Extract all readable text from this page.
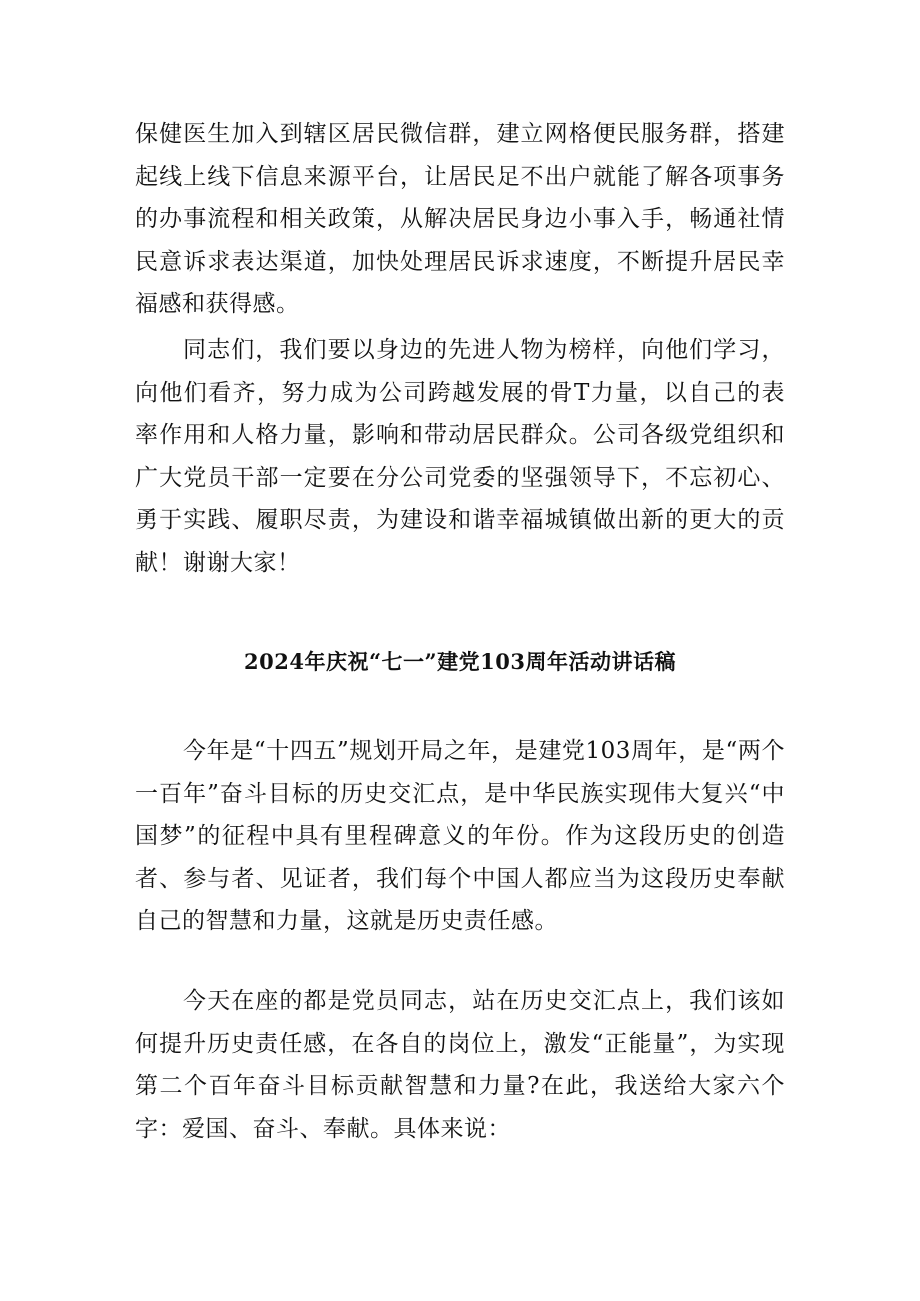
保健医生加入到辖区居民微信群，建立网格便民服务群，搭建起线上线下信息来源平台，让居民足不出户就能了解各项事务的办事流程和相关政策，从解决居民身边小事入手，畅通社情民意诉求表达渠道，加快处理居民诉求速度，不断提升居民幸福感和获得感。

同志们，我们要以身边的先进人物为榜样，向他们学习，向他们看齐，努力成为公司跨越发展的骨T力量，以自己的表率作用和人格力量，影响和带动居民群众。公司各级党组织和广大党员干部一定要在分公司党委的坚强领导下，不忘初心、勇于实践、履职尽责，为建设和谐幸福城镇做出新的更大的贡献！ 谢谢大家！

2024年庆祝“七一”建党103周年活动讲话稿

今年是“十四五”规划开局之年，是建党103周年，是“两个一百年”奋斗目标的历史交汇点，是中华民族实现伟大复兴“中国梦”的征程中具有里程碑意义的年份。作为这段历史的创造者、参与者、见证者，我们每个中国人都应当为这段历史奉献自己的智慧和力量，这就是历史责任感。

今天在座的都是党员同志，站在历史交汇点上，我们该如何提升历史责任感，在各自的岗位上，激发“正能量”，为实现第二个百年奋斗目标贡献智慧和力量?在此，我送给大家六个字：爱国、奋斗、奉献。具体来说：
